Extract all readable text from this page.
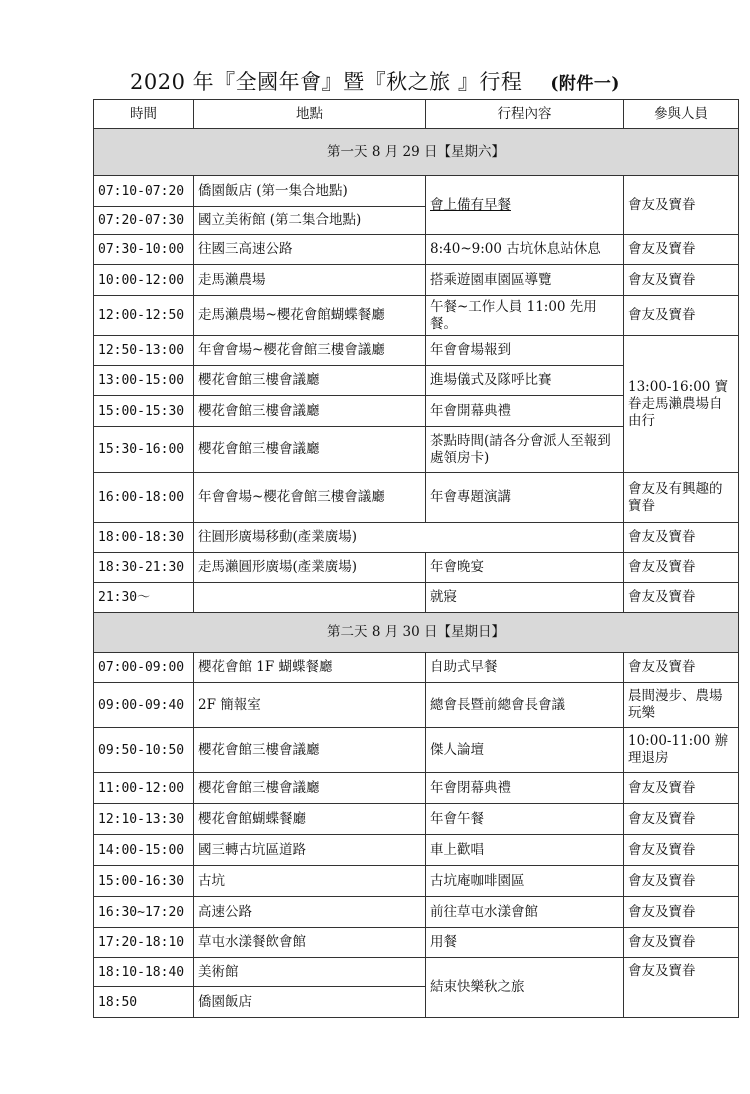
2020 年『全國年會』暨『秋之旅 』行程 (附件一)
時間	地點	行程內容	參與人員
第一天 8 月 29 日【星期六】			
07:10-07:20	僑園飯店 (第一集合地點)	會上備有早餐	會友及寶眷
07:20-07:30	國立美術館 (第二集合地點)		
07:30-10:00	往國三高速公路	8:40~9:00 古坑休息站休息	會友及寶眷
10:00-12:00	走馬瀨農場	搭乘遊園車園區導覽	會友及寶眷
12:00-12:50	走馬瀨農場~櫻花會館蝴蝶餐廳	午餐~工作人員 11:00 先用餐。	會友及寶眷
12:50-13:00	年會會場~櫻花會館三樓會議廳	年會會場報到	13:00-16:00 寶眷走馬瀨農場自由行
13:00-15:00	櫻花會館三樓會議廳	進場儀式及隊呼比賽	
15:00-15:30	櫻花會館三樓會議廳	年會開幕典禮	
15:30-16:00	櫻花會館三樓會議廳	茶點時間(請各分會派人至報到處領房卡)	
16:00-18:00	年會會場~櫻花會館三樓會議廳	年會專題演講	會友及有興趣的寶眷
18:00-18:30	往圓形廣場移動(產業廣場)		會友及寶眷
18:30-21:30	走馬瀨圓形廣場(產業廣場)	年會晚宴	會友及寶眷
21:30～		就寢	會友及寶眷
第二天 8 月 30 日【星期日】			
07:00-09:00	櫻花會館 1F 蝴蝶餐廳	自助式早餐	會友及寶眷
09:00-09:40	2F 簡報室	總會長暨前總會長會議	晨間漫步、農場玩樂
09:50-10:50	櫻花會館三樓會議廳	傑人論壇	10:00-11:00 辦理退房
11:00-12:00	櫻花會館三樓會議廳	年會閉幕典禮	會友及寶眷
12:10-13:30	櫻花會館蝴蝶餐廳	年會午餐	會友及寶眷
14:00-15:00	國三轉古坑區道路	車上歡唱	會友及寶眷
15:00-16:30	古坑	古坑庵咖啡園區	會友及寶眷
16:30~17:20	高速公路	前往草屯水漾會館	會友及寶眷
17:20-18:10	草屯水漾餐飲會館	用餐	會友及寶眷
18:10-18:40	美術館	結束快樂秋之旅	會友及寶眷
18:50	僑園飯店		
